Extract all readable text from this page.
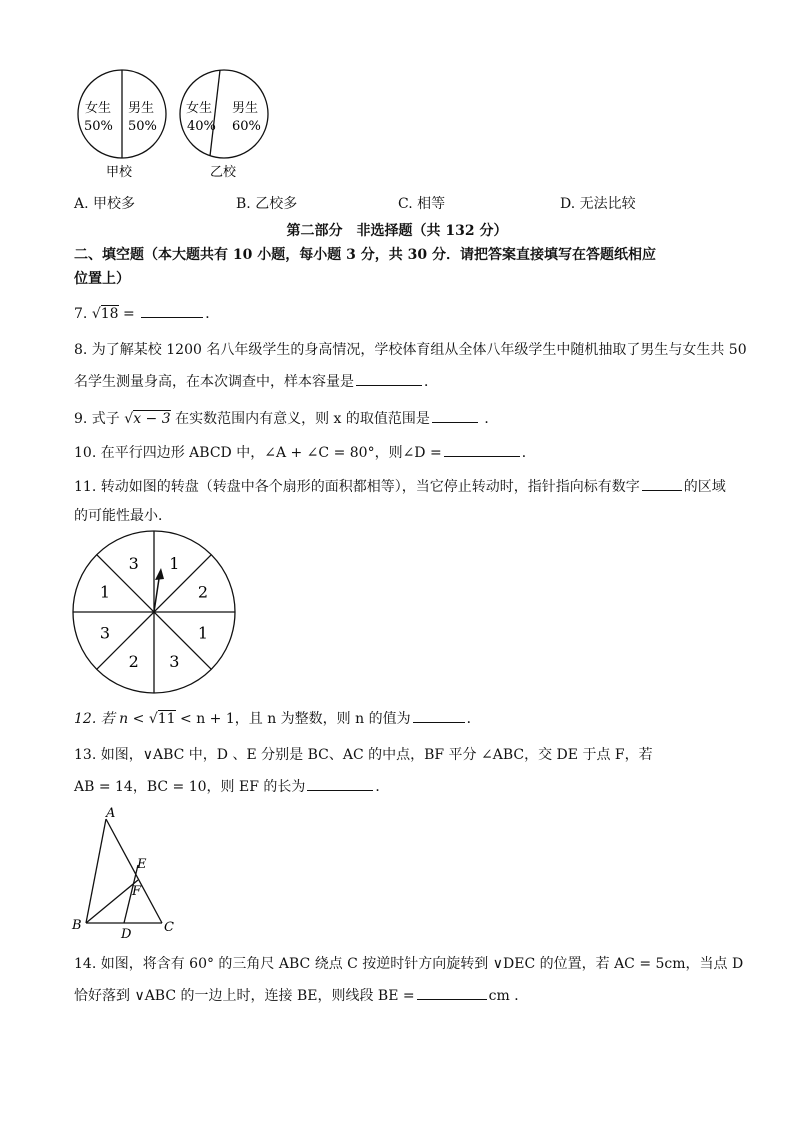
女生
50%
男生
50%
甲校
女生
40%
男生
60%
乙校
A. 甲校多	B. 乙校多	C. 相等	D. 无法比较
第二部分　非选择题（共 132 分）
二、填空题（本大题共有 10 小题，每小题 3 分，共 30 分．请把答案直接填写在答题纸相应
位置上）
7. √18 =	．
8. 为了解某校 1200 名八年级学生的身高情况，学校体育组从全体八年级学生中随机抽取了男生与女生共 50
名学生测量身高，在本次调查中，样本容量是	．
9. 式子 √x − 3 在实数范围内有意义，则 x 的取值范围是	．
10. 在平行四边形 ABCD 中，∠A + ∠C = 80°，则∠D =	．
11. 转动如图的转盘（转盘中各个扇形的面积都相等），当它停止转动时，指针指向标有数字	的区域
的可能性最小．
1
2
1
3
2
3
1
3
12. 若 n < √11 < n + 1，且 n 为整数，则 n 的值为	．
13. 如图，∨ABC 中，D 、E 分别是 BC、AC 的中点，BF 平分 ∠ABC，交 DE 于点 F，若
AB = 14，BC = 10，则 EF 的长为	．
A
E
F
B
D	C
14. 如图，将含有 60° 的三角尺 ABC 绕点 C 按逆时针方向旋转到 ∨DEC 的位置，若 AC = 5cm，当点 D
恰好落到 ∨ABC 的一边上时，连接 BE，则线段 BE =	cm ．
